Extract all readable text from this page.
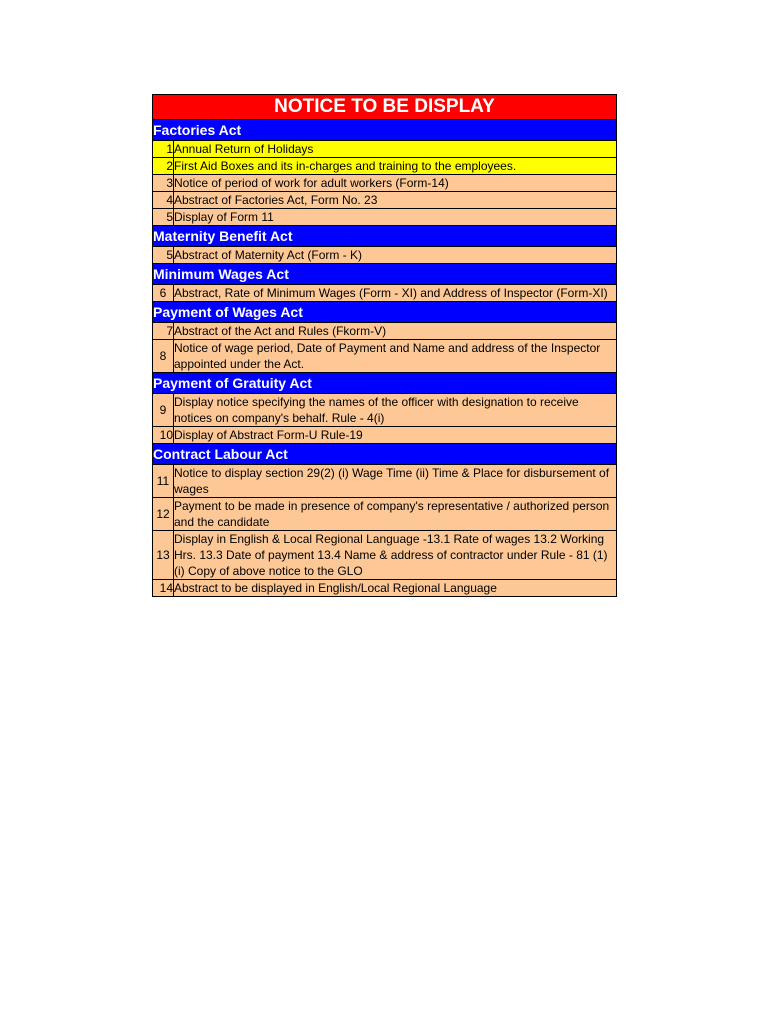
NOTICE TO BE DISPLAY	
Factories Act	
1	Annual Return of Holidays
2	First Aid Boxes and its in-charges and training to the employees.
3	Notice of period of work for adult workers (Form-14)
4	Abstract of Factories Act, Form No. 23
5	Display of Form 11
Maternity Benefit Act	
5	Abstract of Maternity Act (Form - K)
Minimum Wages Act	
6	Abstract, Rate of Minimum Wages (Form - XI) and Address of Inspector (Form-XI)
Payment of Wages Act	
7	Abstract of the Act and Rules (Fkorm-V)
8	Notice of wage period, Date of Payment and Name and address of the Inspector appointed under the Act.
Payment of Gratuity Act	
9	Display notice specifying the names of the officer with designation to receive notices on company's behalf. Rule - 4(i)
10	Display of Abstract Form-U Rule-19
Contract Labour Act	
11	Notice to display section 29(2) (i) Wage Time (ii) Time & Place for disbursement of wages
12	Payment to be made in presence of company's representative / authorized person and the candidate
13	Display in English & Local Regional Language -13.1 Rate of wages 13.2 Working Hrs. 13.3 Date of payment 13.4 Name & address of contractor under Rule - 81 (1)(i) Copy of above notice to the GLO
14	Abstract to be displayed in English/Local Regional Language
